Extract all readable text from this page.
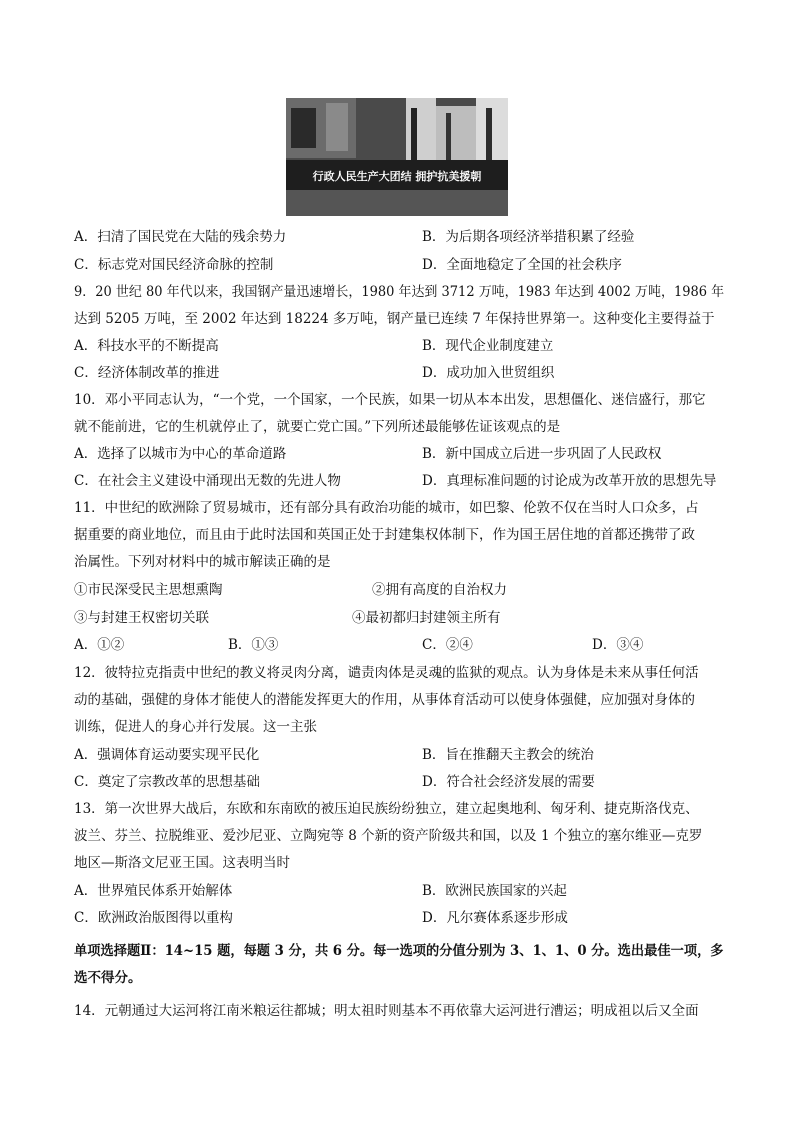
行政人民生产大团结 拥护抗美援朝
A．扫清了国民党在大陆的残余势力	B．为后期各项经济举措积累了经验
C．标志党对国民经济命脉的控制	D．全面地稳定了全国的社会秩序
9．20 世纪 80 年代以来，我国钢产量迅速增长，1980 年达到 3712 万吨，1983 年达到 4002 万吨，1986 年
达到 5205 万吨，至 2002 年达到 18224 多万吨，钢产量已连续 7 年保持世界第一。这种变化主要得益于
A．科技水平的不断提高	B．现代企业制度建立
C．经济体制改革的推进	D．成功加入世贸组织
10．邓小平同志认为，“一个党，一个国家，一个民族，如果一切从本本出发，思想僵化、迷信盛行，那它
就不能前进，它的生机就停止了，就要亡党亡国。”下列所述最能够佐证该观点的是
A．选择了以城市为中心的革命道路	B．新中国成立后进一步巩固了人民政权
C．在社会主义建设中涌现出无数的先进人物	D．真理标准问题的讨论成为改革开放的思想先导
11．中世纪的欧洲除了贸易城市，还有部分具有政治功能的城市，如巴黎、伦敦不仅在当时人口众多，占
据重要的商业地位，而且由于此时法国和英国正处于封建集权体制下，作为国王居住地的首都还携带了政
治属性。下列对材料中的城市解读正确的是
①市民深受民主思想熏陶	②拥有高度的自治权力
③与封建王权密切关联	④最初都归封建领主所有
A．①②	B．①③	C．②④	D．③④
12．彼特拉克指责中世纪的教义将灵肉分离，谴责肉体是灵魂的监狱的观点。认为身体是未来从事任何活
动的基础，强健的身体才能使人的潜能发挥更大的作用，从事体育活动可以使身体强健，应加强对身体的
训练，促进人的身心并行发展。这一主张
A．强调体育运动要实现平民化	B．旨在推翻天主教会的统治
C．奠定了宗教改革的思想基础	D．符合社会经济发展的需要
13．第一次世界大战后，东欧和东南欧的被压迫民族纷纷独立，建立起奥地利、匈牙利、捷克斯洛伐克、
波兰、芬兰、拉脱维亚、爱沙尼亚、立陶宛等 8 个新的资产阶级共和国，以及 1 个独立的塞尔维亚—克罗
地区—斯洛文尼亚王国。这表明当时
A．世界殖民体系开始解体	B．欧洲民族国家的兴起
C．欧洲政治版图得以重构	D．凡尔赛体系逐步形成
单项选择题Ⅱ：14~15 题，每题 3 分，共 6 分。每一选项的分值分别为 3、1、1、0 分。选出最佳一项，多
选不得分。
14．元朝通过大运河将江南米粮运往都城；明太祖时则基本不再依靠大运河进行漕运；明成祖以后又全面
